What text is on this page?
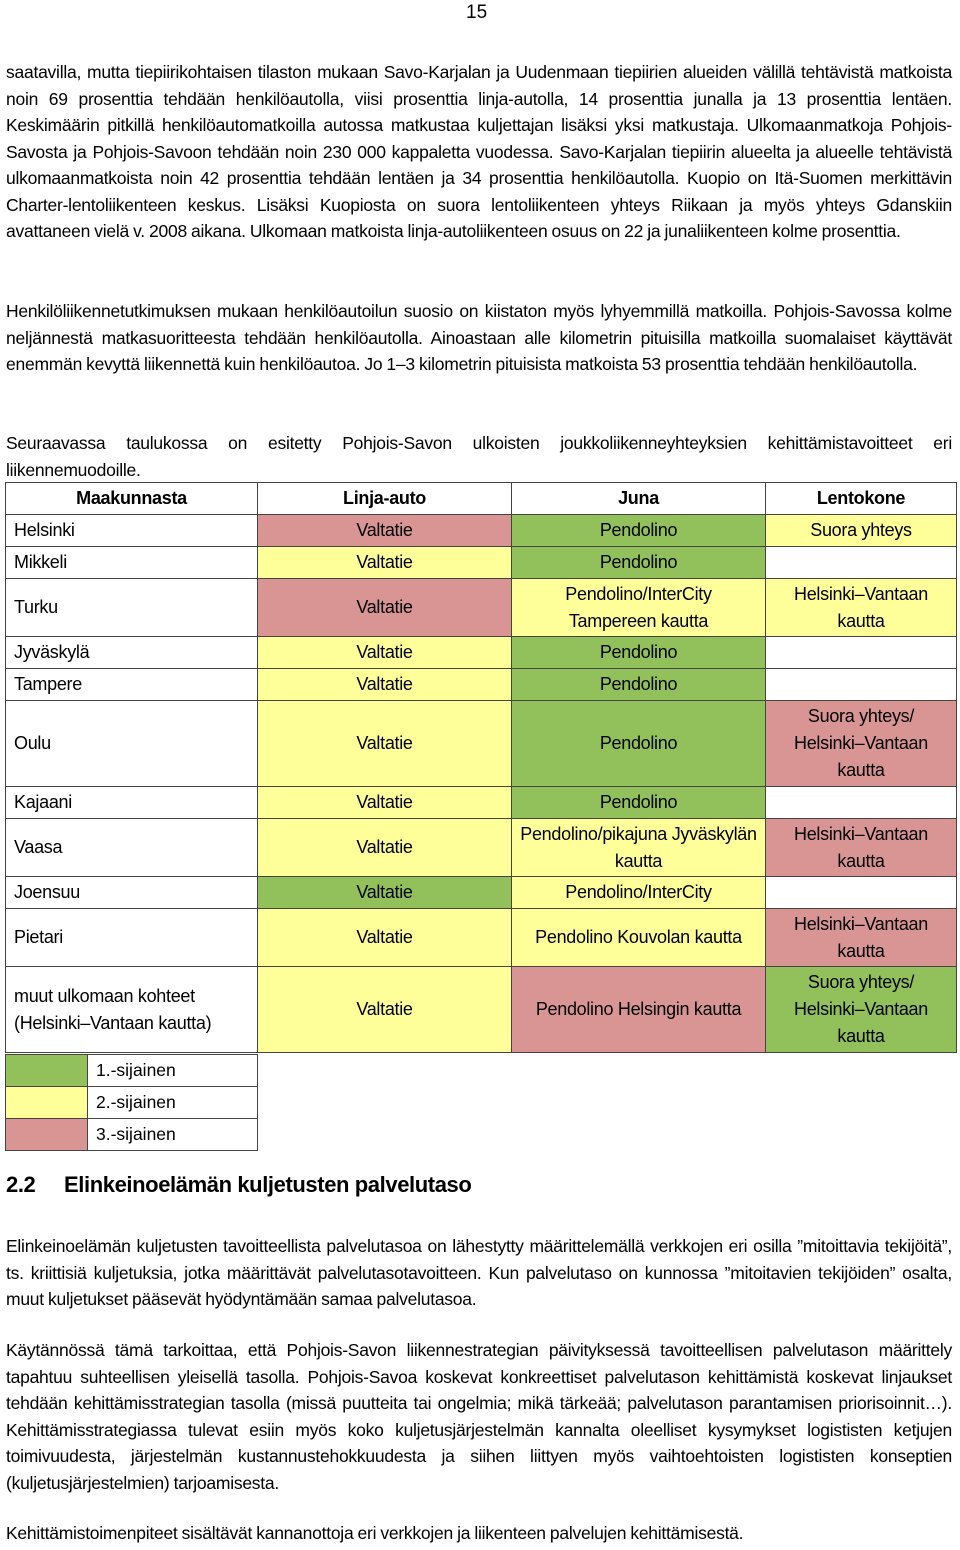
15

saatavilla, mutta tiepiirikohtaisen tilaston mukaan Savo-Karjalan ja Uudenmaan tiepiirien alueiden välillä tehtävistä matkoista noin 69 prosenttia tehdään henkilöautolla, viisi prosenttia linja-autolla, 14 prosenttia junalla ja 13 prosenttia lentäen. Keskimäärin pitkillä henkilöautomatkoilla autossa matkustaa kuljettajan lisäksi yksi matkustaja. Ulkomaanmatkoja Pohjois-Savosta ja Pohjois-Savoon tehdään noin 230 000 kappaletta vuodessa. Savo-Karjalan tiepiirin alueelta ja alueelle tehtävistä ulkomaanmatkoista noin 42 prosenttia tehdään lentäen ja 34 prosenttia henkilöautolla. Kuopio on Itä-Suomen merkittävin Charter-lentoliikenteen keskus. Lisäksi Kuopiosta on suora lentoliikenteen yhteys Riikaan ja myös yhteys Gdanskiin avattaneen vielä v. 2008 aikana. Ulkomaan matkoista linja-autoliikenteen osuus on 22 ja junaliikenteen kolme prosenttia.

Henkilöliikennetutkimuksen mukaan henkilöautoilun suosio on kiistaton myös lyhyemmillä matkoilla. Pohjois-Savossa kolme neljännestä matkasuoritteesta tehdään henkilöautolla. Ainoastaan alle kilometrin pituisilla matkoilla suomalaiset käyttävät enemmän kevyttä liikennettä kuin henkilöautoa. Jo 1–3 kilometrin pituisista matkoista 53 prosenttia tehdään henkilöautolla.

Seuraavassa taulukossa on esitetty Pohjois-Savon ulkoisten joukkoliikenneyhteyksien kehittämistavoitteet eri liikennemuodoille.

Maakunnasta	Linja-auto	Juna	Lentokone
Helsinki	Valtatie	Pendolino	Suora yhteys
Mikkeli	Valtatie	Pendolino	
Turku	Valtatie	Pendolino/InterCity Tampereen kautta	Helsinki–Vantaan kautta
Jyväskylä	Valtatie	Pendolino	
Tampere	Valtatie	Pendolino	
Oulu	Valtatie	Pendolino	Suora yhteys/ Helsinki–Vantaan kautta
Kajaani	Valtatie	Pendolino	
Vaasa	Valtatie	Pendolino/pikajuna Jyväskylän kautta	Helsinki–Vantaan kautta
Joensuu	Valtatie	Pendolino/InterCity	
Pietari	Valtatie	Pendolino Kouvolan kautta	Helsinki–Vantaan kautta
muut ulkomaan kohteet (Helsinki–Vantaan kautta)	Valtatie	Pendolino Helsingin kautta	Suora yhteys/ Helsinki–Vantaan kautta
	1.-sijainen
	2.-sijainen
	3.-sijainen
2.2 Elinkeinoelämän kuljetusten palvelutaso

Elinkeinoelämän kuljetusten tavoitteellista palvelutasoa on lähestytty määrittelemällä verkkojen eri osilla ”mitoittavia tekijöitä”, ts. kriittisiä kuljetuksia, jotka määrittävät palvelutasotavoitteen. Kun palvelutaso on kunnossa ”mitoitavien tekijöiden” osalta, muut kuljetukset pääsevät hyödyntämään samaa palvelutasoa.

Käytännössä tämä tarkoittaa, että Pohjois-Savon liikennestrategian päivityksessä tavoitteellisen palvelutason määrittely tapahtuu suhteellisen yleisellä tasolla. Pohjois-Savoa koskevat konkreettiset palvelutason kehittämistä koskevat linjaukset tehdään kehittämisstrategian tasolla (missä puutteita tai ongelmia; mikä tärkeää; palvelutason parantamisen priorisoinnit…). Kehittämisstrategiassa tulevat esiin myös koko kuljetusjärjestelmän kannalta oleelliset kysymykset logististen ketjujen toimivuudesta, järjestelmän kustannustehokkuudesta ja siihen liittyen myös vaihtoehtoisten logististen konseptien (kuljetusjärjestelmien) tarjoamisesta.

Kehittämistoimenpiteet sisältävät kannanottoja eri verkkojen ja liikenteen palvelujen kehittämisestä.
